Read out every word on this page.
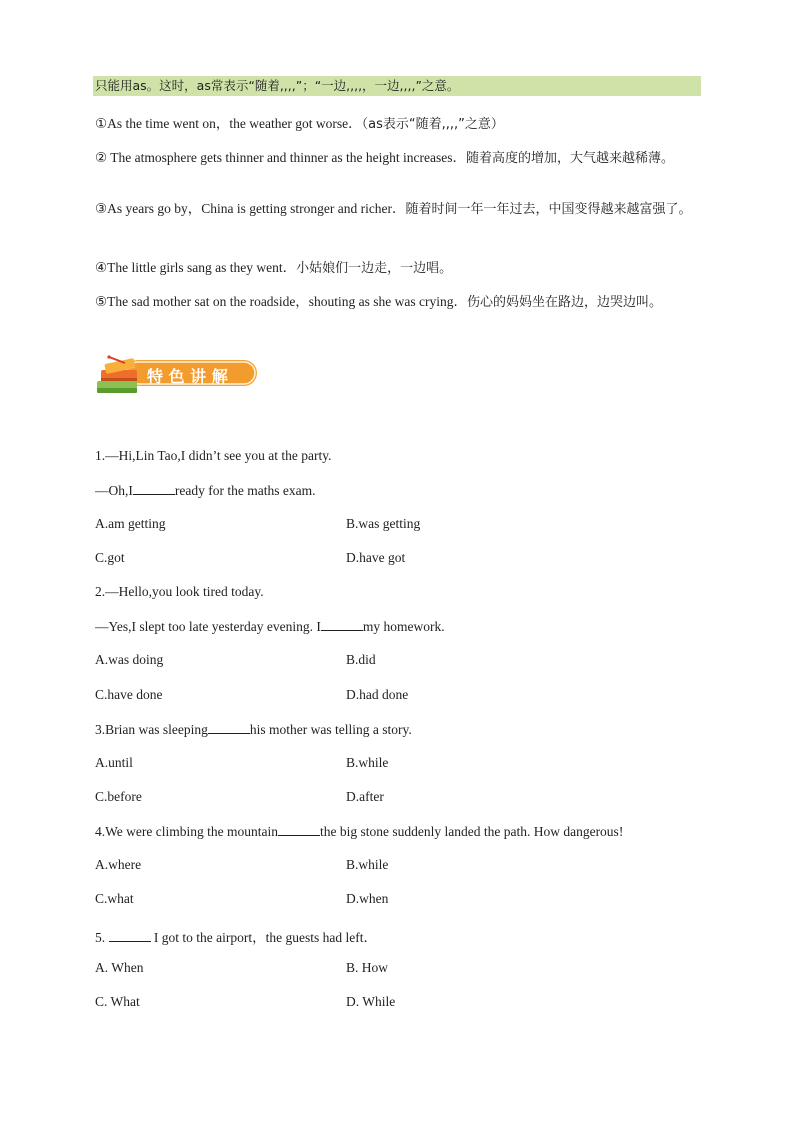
只能用as。这时，as常表示“随着,,,,”；“一边,,,,，一边,,,,”之意。
①As the time went on，the weather got worse．（as表示“随着,,,,”之意）
② The atmosphere gets thinner and thinner as the height increases．随着高度的增加，大气越来越稀薄。
③As years go by，China is getting stronger and richer．随着时间一年一年过去，中国变得越来越富强了。
④The little girls sang as they went．小姑娘们一边走，一边唱。
⑤The sad mother sat on the roadside，shouting as she was crying．伤心的妈妈坐在路边，边哭边叫。
特 色 讲 解
1.—Hi,Lin Tao,I didn’t see you at the party.
—Oh,I	ready for the maths exam.
A.am getting	B.was getting
C.got	D.have got
2.—Hello,you look tired today.
—Yes,I slept too late yesterday evening. I	my homework.
A.was doing	B.did
C.have done	D.had done
3.Brian was sleeping	his mother was telling a story.
A.until	B.while
C.before	D.after
4.We were climbing the mountain	the big stone suddenly landed the path. How dangerous!
A.where	B.while
C.what	D.when
5.	I got to the airport，the guests had left．
A. When	B. How
C. What	D. While
